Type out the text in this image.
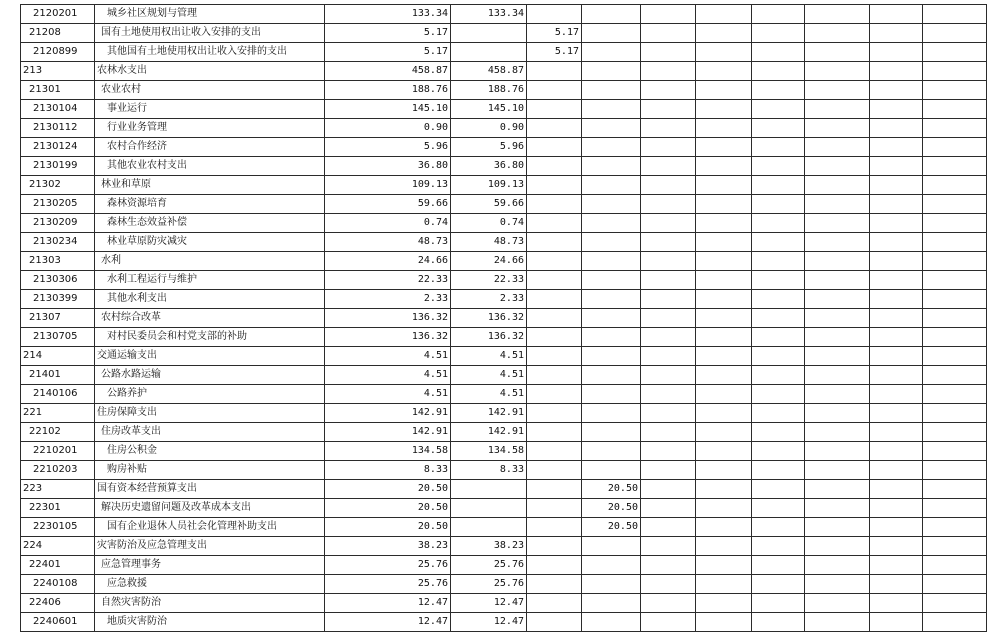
2120201	城乡社区规划与管理	133.34	133.34								
21208	国有土地使用权出让收入安排的支出	5.17		5.17							
2120899	其他国有土地使用权出让收入安排的支出	5.17		5.17							
213	农林水支出	458.87	458.87								
21301	农业农村	188.76	188.76								
2130104	事业运行	145.10	145.10								
2130112	行业业务管理	0.90	0.90								
2130124	农村合作经济	5.96	5.96								
2130199	其他农业农村支出	36.80	36.80								
21302	林业和草原	109.13	109.13								
2130205	森林资源培育	59.66	59.66								
2130209	森林生态效益补偿	0.74	0.74								
2130234	林业草原防灾减灾	48.73	48.73								
21303	水利	24.66	24.66								
2130306	水利工程运行与维护	22.33	22.33								
2130399	其他水利支出	2.33	2.33								
21307	农村综合改革	136.32	136.32								
2130705	对村民委员会和村党支部的补助	136.32	136.32								
214	交通运输支出	4.51	4.51								
21401	公路水路运输	4.51	4.51								
2140106	公路养护	4.51	4.51								
221	住房保障支出	142.91	142.91								
22102	住房改革支出	142.91	142.91								
2210201	住房公积金	134.58	134.58								
2210203	购房补贴	8.33	8.33								
223	国有资本经营预算支出	20.50			20.50						
22301	解决历史遗留问题及改革成本支出	20.50			20.50						
2230105	国有企业退休人员社会化管理补助支出	20.50			20.50						
224	灾害防治及应急管理支出	38.23	38.23								
22401	应急管理事务	25.76	25.76								
2240108	应急救援	25.76	25.76								
22406	自然灾害防治	12.47	12.47								
2240601	地质灾害防治	12.47	12.47								
